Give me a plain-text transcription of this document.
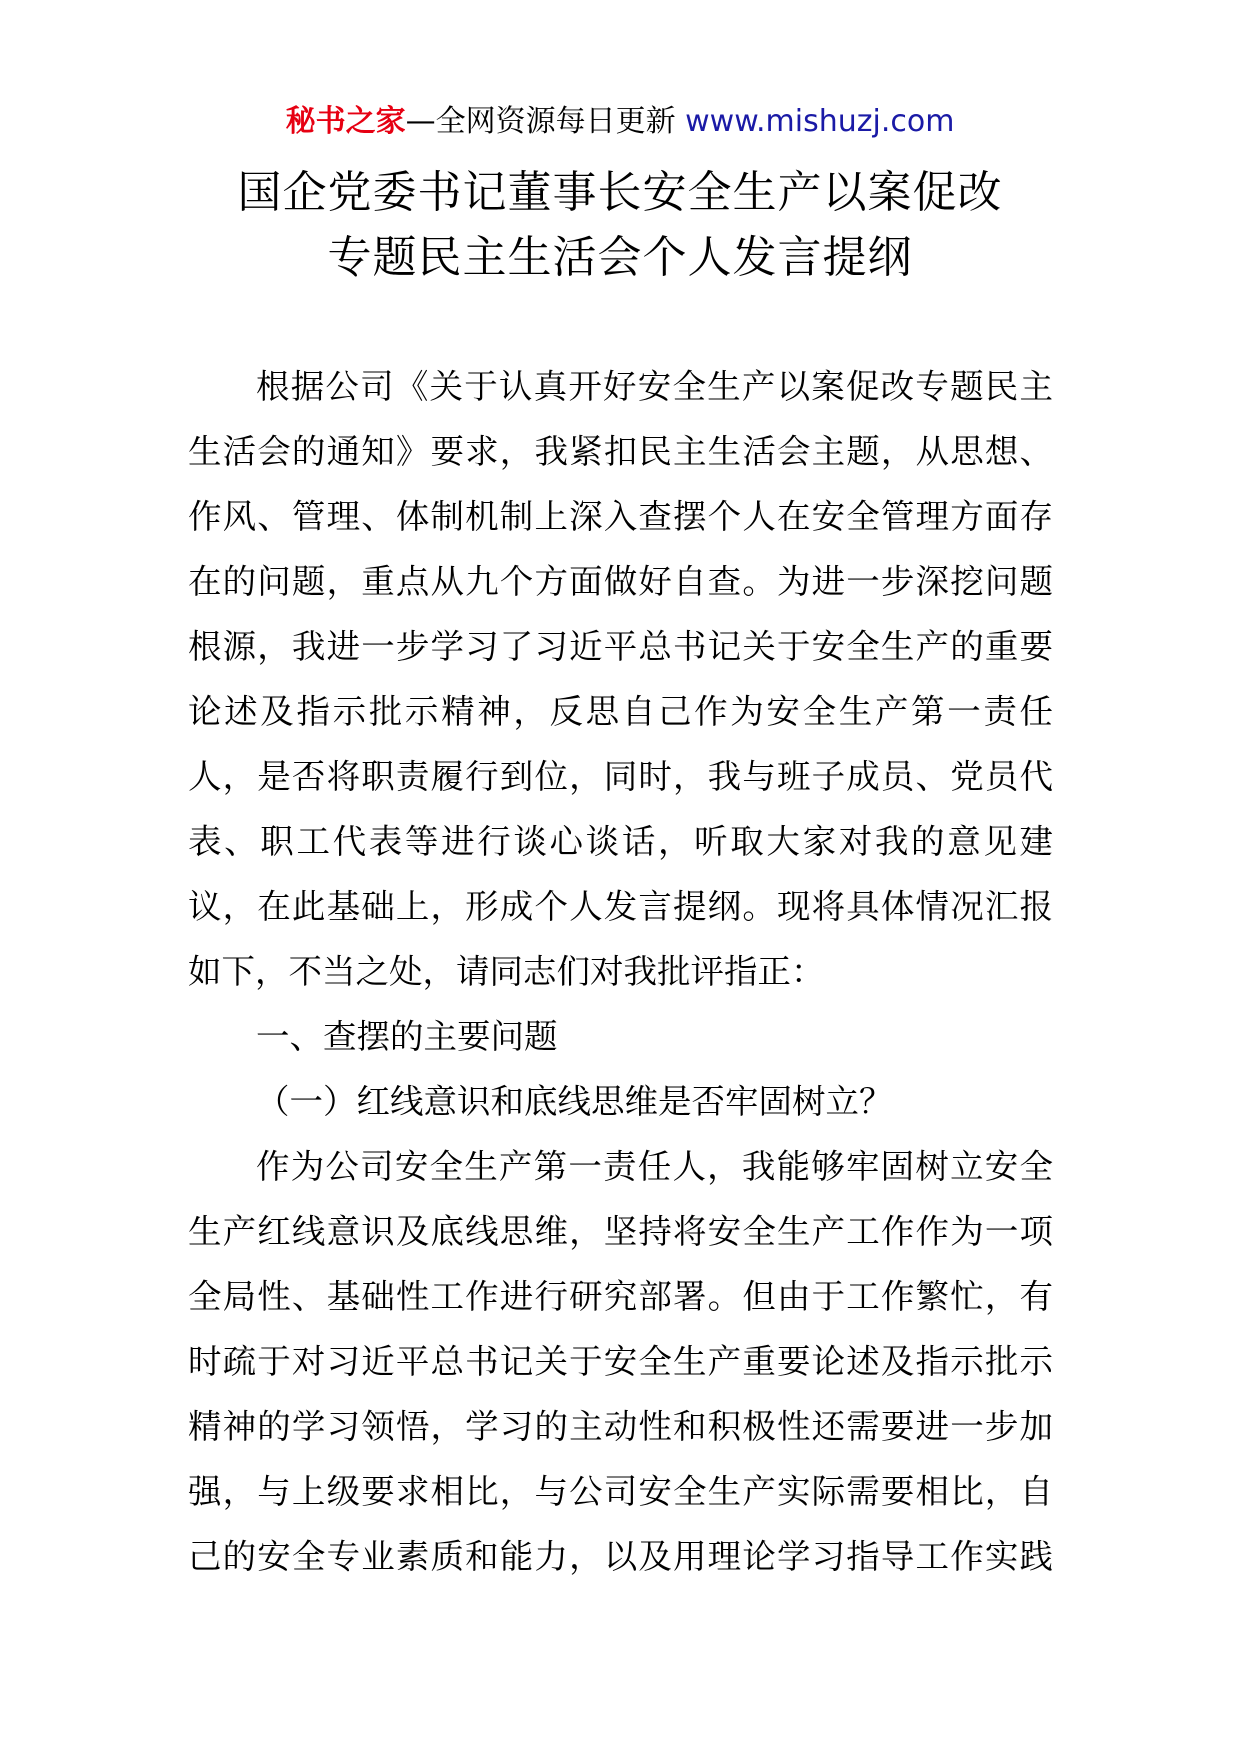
秘书之家—全网资源每日更新 www.mishuzj.com
国企党委书记董事长安全生产以案促改
专题民主生活会个人发言提纲
根据公司《关于认真开好安全生产以案促改专题民主
生活会的通知》要求，我紧扣民主生活会主题，从思想、
作风、管理、体制机制上深入查摆个人在安全管理方面存
在的问题，重点从九个方面做好自查。为进一步深挖问题
根源，我进一步学习了习近平总书记关于安全生产的重要
论述及指示批示精神，反思自己作为安全生产第一责任
人，是否将职责履行到位，同时，我与班子成员、党员代
表、职工代表等进行谈心谈话，听取大家对我的意见建
议，在此基础上，形成个人发言提纲。现将具体情况汇报
如下，不当之处，请同志们对我批评指正：
一、查摆的主要问题
（一）红线意识和底线思维是否牢固树立？
作为公司安全生产第一责任人，我能够牢固树立安全
生产红线意识及底线思维，坚持将安全生产工作作为一项
全局性、基础性工作进行研究部署。但由于工作繁忙，有
时疏于对习近平总书记关于安全生产重要论述及指示批示
精神的学习领悟，学习的主动性和积极性还需要进一步加
强，与上级要求相比，与公司安全生产实际需要相比，自
己的安全专业素质和能力，以及用理论学习指导工作实践
